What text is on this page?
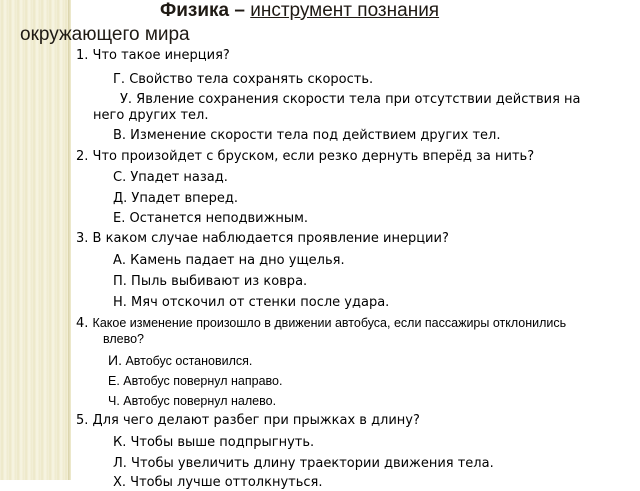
Физика – инструмент познания
окружающего мира
1. Что такое инерция?
Г. Свойство тела сохранять скорость.
У. Явление сохранения скорости тела при отсутствии действия на
него других тел.
В. Изменение скорости тела под действием других тел.
2. Что произойдет с бруском, если резко дернуть вперёд за нить?
С. Упадет назад.
Д. Упадет вперед.
Е. Останется неподвижным.
3. В каком случае наблюдается проявление инерции?
А. Камень падает на дно ущелья.
П. Пыль выбивают из ковра.
Н. Мяч отскочил от стенки после удара.
4. Какое изменение произошло в движении автобуса, если пассажиры отклонились
влево?
И. Автобус остановился.
Е. Автобус повернул направо.
Ч. Автобус повернул налево.
5. Для чего делают разбег при прыжках в длину?
К. Чтобы выше подпрыгнуть.
Л. Чтобы увеличить длину траектории движения тела.
Х. Чтобы лучше оттолкнуться.
